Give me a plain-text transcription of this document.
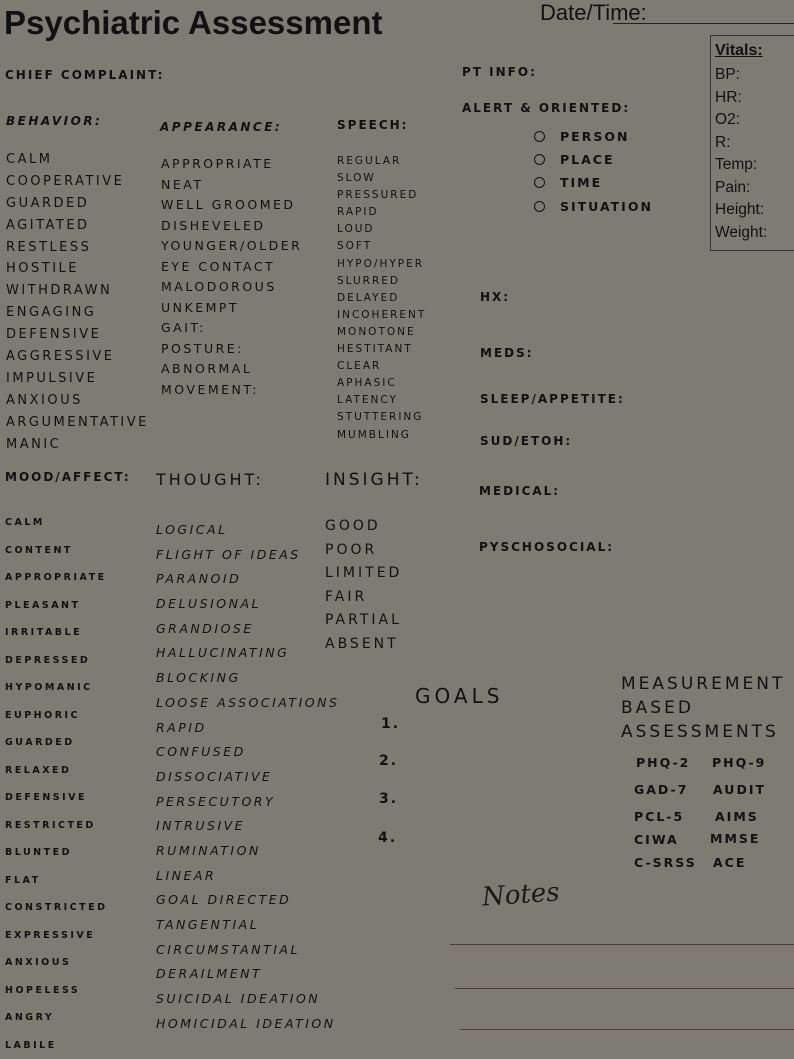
Psychiatric Assessment	Date/Time:
CHIEF COMPLAINT:	PT INFO:
ALERT & ORIENTED:
PERSON
PLACE
TIME
SITUATION
Vitals:
BP:
HR:
O2:
R:
Temp:
Pain:
Height:
Weight:
BEHAVIOR:
CALM
COOPERATIVE
GUARDED
AGITATED
RESTLESS
HOSTILE
WITHDRAWN
ENGAGING
DEFENSIVE
AGGRESSIVE
IMPULSIVE
ANXIOUS
ARGUMENTATIVE
MANIC
APPEARANCE:
APPROPRIATE
NEAT
WELL GROOMED
DISHEVELED
YOUNGER/OLDER
EYE CONTACT
MALODOROUS
UNKEMPT
GAIT:
POSTURE:
ABNORMAL
MOVEMENT:
SPEECH:
REGULAR
SLOW
PRESSURED
RAPID
LOUD
SOFT
HYPO/HYPER
SLURRED
DELAYED
INCOHERENT
MONOTONE
HESTITANT
CLEAR
APHASIC
LATENCY
STUTTERING
MUMBLING
HX:
MEDS:
SLEEP/APPETITE:
SUD/ETOH:
MEDICAL:
PYSCHOSOCIAL:
MOOD/AFFECT:
CALM
CONTENT
APPROPRIATE
PLEASANT
IRRITABLE
DEPRESSED
HYPOMANIC
EUPHORIC
GUARDED
RELAXED
DEFENSIVE
RESTRICTED
BLUNTED
FLAT
CONSTRICTED
EXPRESSIVE
ANXIOUS
HOPELESS
ANGRY
LABILE
THOUGHT:
LOGICAL
FLIGHT OF IDEAS
PARANOID
DELUSIONAL
GRANDIOSE
HALLUCINATING
BLOCKING
LOOSE ASSOCIATIONS
RAPID
CONFUSED
DISSOCIATIVE
PERSECUTORY
INTRUSIVE
RUMINATION
LINEAR
GOAL DIRECTED
TANGENTIAL
CIRCUMSTANTIAL
DERAILMENT
SUICIDAL IDEATION
HOMICIDAL IDEATION
INSIGHT:
GOOD
POOR
LIMITED
FAIR
PARTIAL
ABSENT
GOALS
1.
2.
3.
4.
MEASUREMENT
BASED
ASSESSMENTS
PHQ-2 PHQ-9
GAD-7 AUDIT
PCL-5 AIMS
CIWA	MMSE
C-SRSS ACE
Notes
